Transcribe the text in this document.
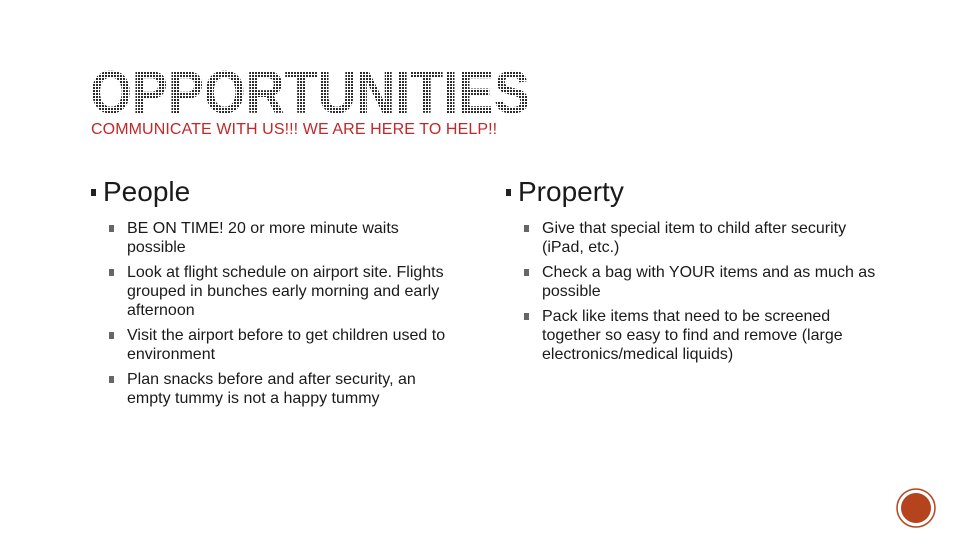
OPPORTUNITIES
COMMUNICATE WITH US!!! WE ARE HERE TO HELP!!
People
BE ON TIME! 20 or more minute waits possible
Look at flight schedule on airport site. Flights grouped in bunches early morning and early afternoon
Visit the airport before to get children used to environment
Plan snacks before and after security, an empty tummy is not a happy tummy
Property
Give that special item to child after security (iPad, etc.)
Check a bag with YOUR items and as much as possible
Pack like items that need to be screened together so easy to find and remove (large electronics/medical liquids)
